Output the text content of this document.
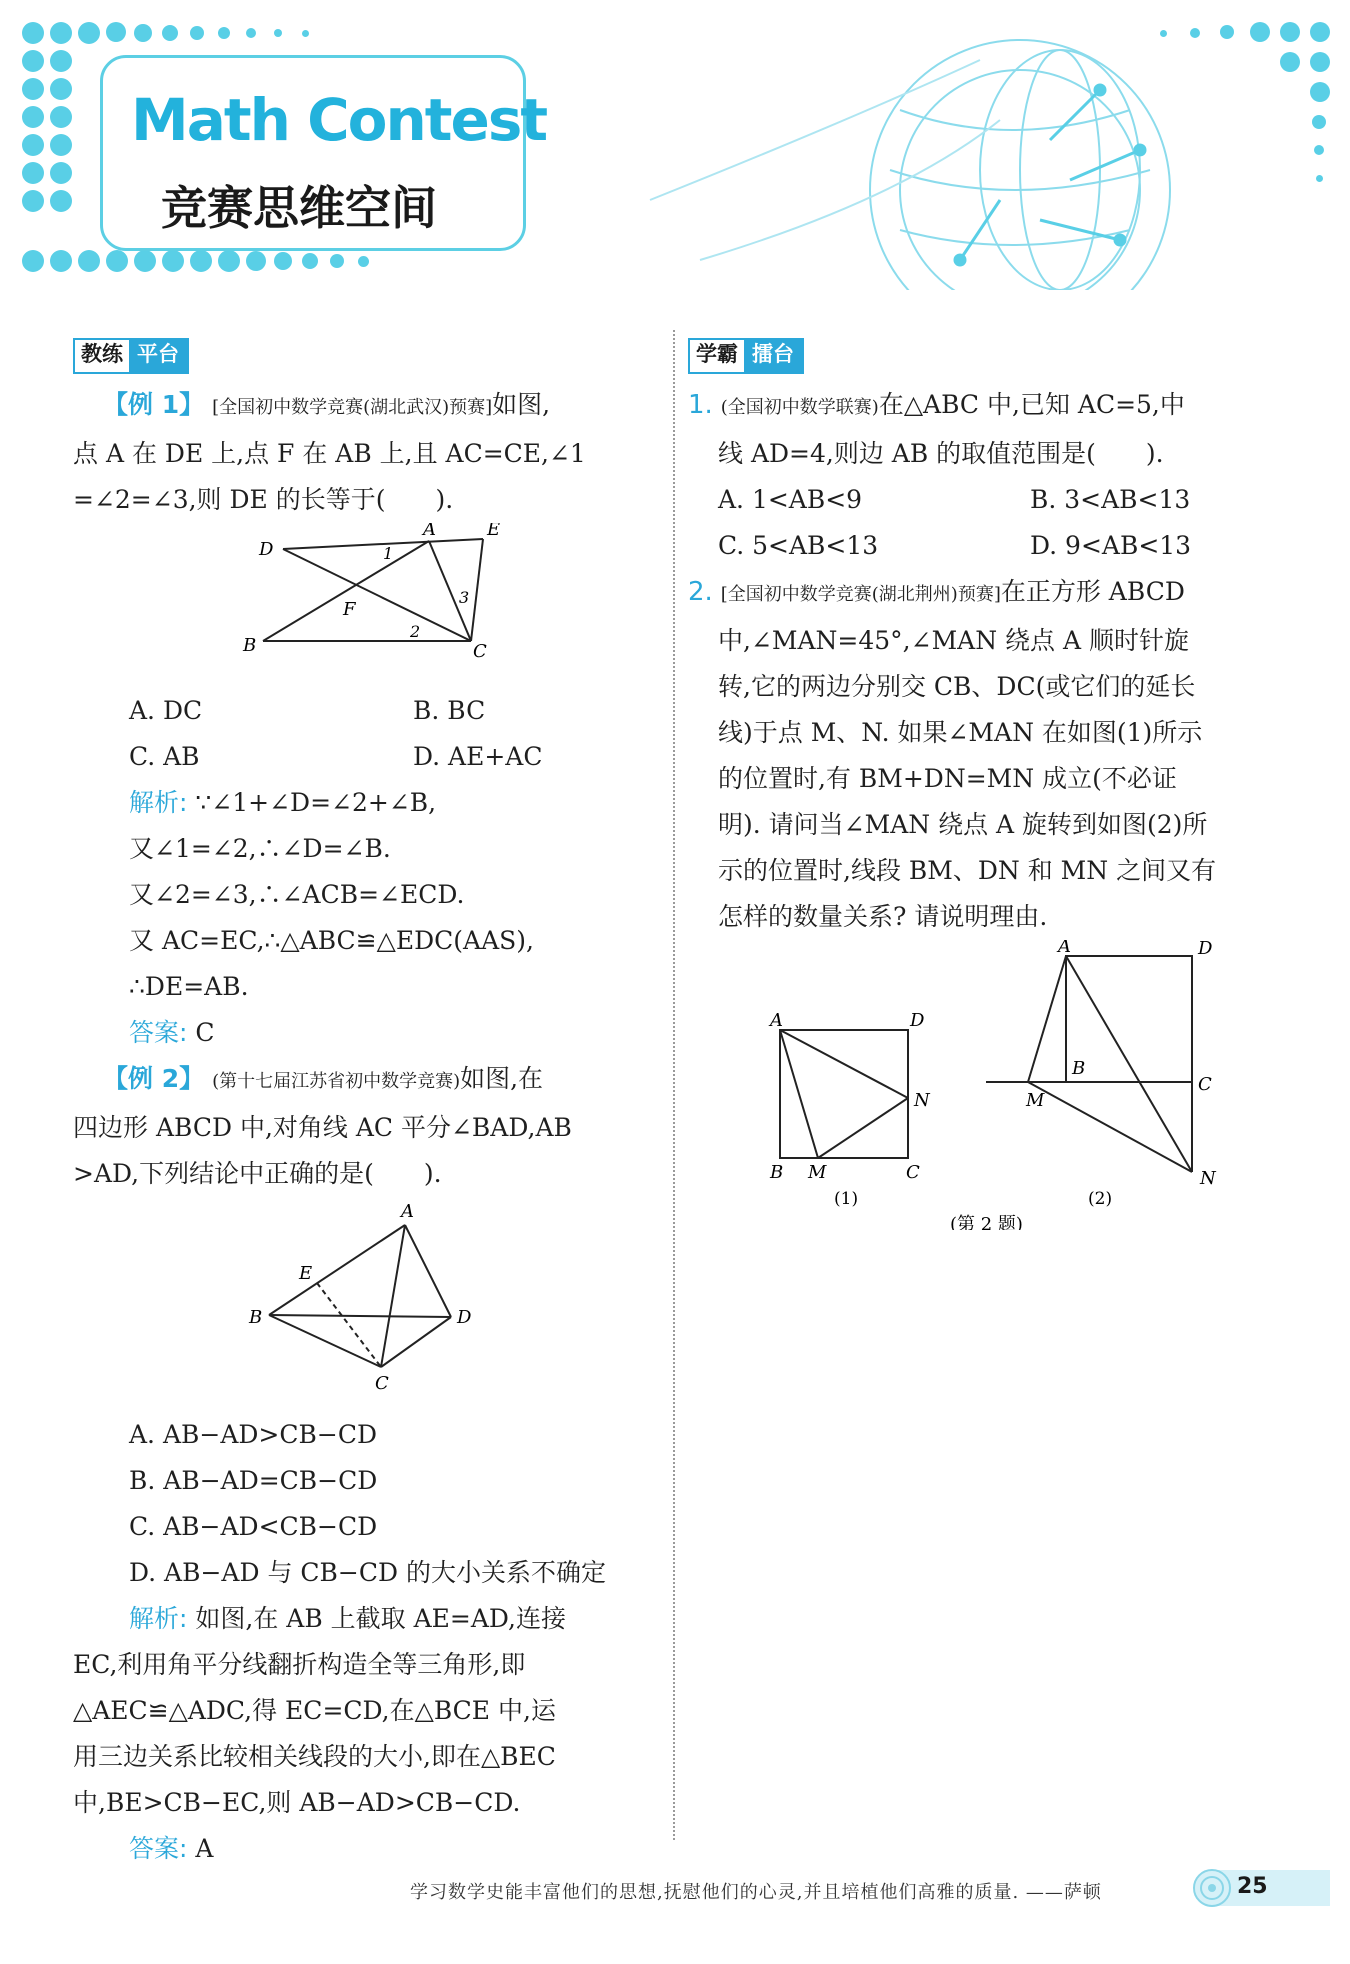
Math Contest
竞赛思维空间
教练 平台
【例 1】 [全国初中数学竞赛(湖北武汉)预赛]如图,
点 A 在 DE 上,点 F 在 AB 上,且 AC=CE,∠1
=∠2=∠3,则 DE 的长等于(　　).
A	E
D
F
B	C
1
2
3
A. DC	B. BC
C. AB	D. AE+AC
解析: ∵∠1+∠D=∠2+∠B,
又∠1=∠2,∴∠D=∠B.
又∠2=∠3,∴∠ACB=∠ECD.
又 AC=EC,∴△ABC≌△EDC(AAS),
∴DE=AB.
答案: C
【例 2】 (第十七届江苏省初中数学竞赛)如图,在
四边形 ABCD 中,对角线 AC 平分∠BAD,AB
>AD,下列结论中正确的是(　　).
A
E
B	D
C
A. AB−AD>CB−CD
B. AB−AD=CB−CD
C. AB−AD<CB−CD
D. AB−AD 与 CB−CD 的大小关系不确定
解析: 如图,在 AB 上截取 AE=AD,连接
EC,利用角平分线翻折构造全等三角形,即
△AEC≌△ADC,得 EC=CD,在△BCE 中,运
用三边关系比较相关线段的大小,即在△BEC
中,BE>CB−EC,则 AB−AD>CB−CD.
答案: A
学霸 擂台
1. (全国初中数学联赛)在△ABC 中,已知 AC=5,中
线 AD=4,则边 AB 的取值范围是(　　).
A. 1<AB<9	B. 3<AB<13
C. 5<AB<13	D. 9<AB<13
2. [全国初中数学竞赛(湖北荆州)预赛]在正方形 ABCD
中,∠MAN=45°,∠MAN 绕点 A 顺时针旋
转,它的两边分别交 CB、DC(或它们的延长
线)于点 M、N. 如果∠MAN 在如图(1)所示
的位置时,有 BM+DN=MN 成立(不必证
明). 请问当∠MAN 绕点 A 旋转到如图(2)所
示的位置时,线段 BM、DN 和 MN 之间又有
怎样的数量关系? 请说明理由.
A	D
N
B M	C
(1)
A	D
B
C
M
N
(2)
(第 2 题)
学习数学史能丰富他们的思想,抚慰他们的心灵,并且培植他们高雅的质量. ——萨顿	25
